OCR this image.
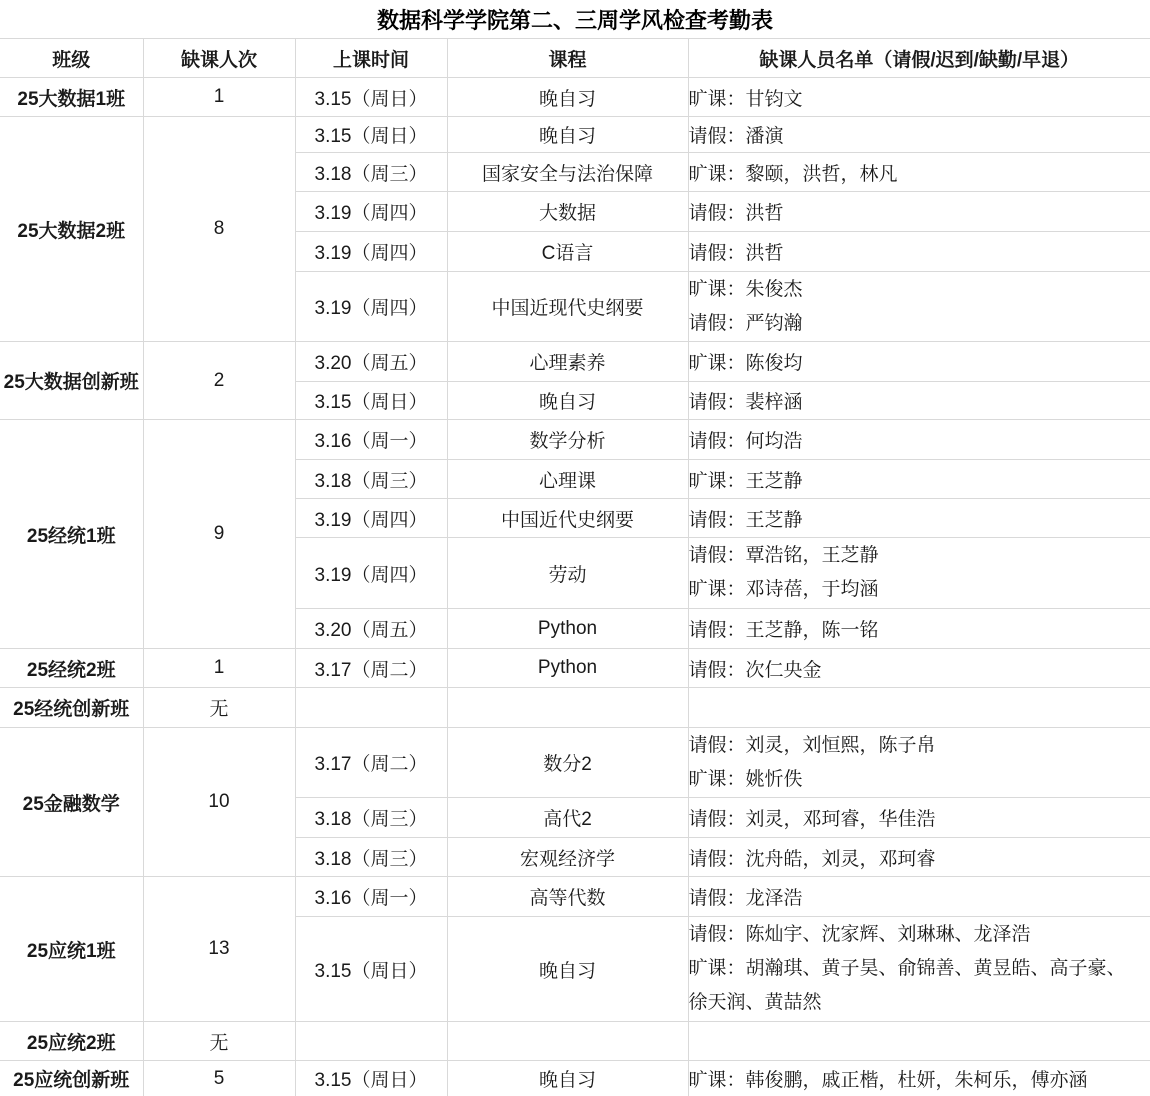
数据科学学院第二、三周学风检查考勤表
班级	缺课人次	上课时间	课程	缺课人员名单（请假/迟到/缺勤/早退）
25大数据1班	1	3.15（周日）	晚自习	旷课：甘钧文

25大数据2班	8	3.15（周日）	晚自习	请假：潘演

		3.18（周三）	国家安全与法治保障	旷课：黎颐，洪哲，林凡

		3.19（周四）	大数据	请假：洪哲

		3.19（周四）	C语言	请假：洪哲

		3.19（周四）	中国近现代史纲要	旷课：朱俊杰
请假：严钧瀚

25大数据创新班	2	3.20（周五）	心理素养	旷课：陈俊均

		3.15（周日）	晚自习	请假：裴梓涵

25经统1班	9	3.16（周一）	数学分析	请假：何均浩

		3.18（周三）	心理课	旷课：王芝静

		3.19（周四）	中国近代史纲要	请假：王芝静

		3.19（周四）	劳动	请假：覃浩铭，王芝静
旷课：邓诗蓓，于均涵

		3.20（周五）	Python	请假：王芝静，陈一铭

25经统2班	1	3.17（周二）	Python	请假：次仁央金

25经统创新班	无			
25金融数学	10	3.17（周二）	数分2	请假：刘灵，刘恒熙，陈子帛
旷课：姚忻佚

		3.18（周三）	高代2	请假：刘灵，邓珂睿，华佳浩

		3.18（周三）	宏观经济学	请假：沈舟皓，刘灵，邓珂睿

25应统1班	13	3.16（周一）	高等代数	请假：龙泽浩

		3.15（周日）	晚自习	请假：陈灿宇、沈家辉、刘琳琳、龙泽浩
旷课：胡瀚琪、黄子昊、俞锦善、黄昱皓、高子豪、
徐天润、黄喆然

25应统2班	无			
25应统创新班	5	3.15（周日）	晚自习	旷课：韩俊鹏，戚正楷，杜妍，朱柯乐，傅亦涵
